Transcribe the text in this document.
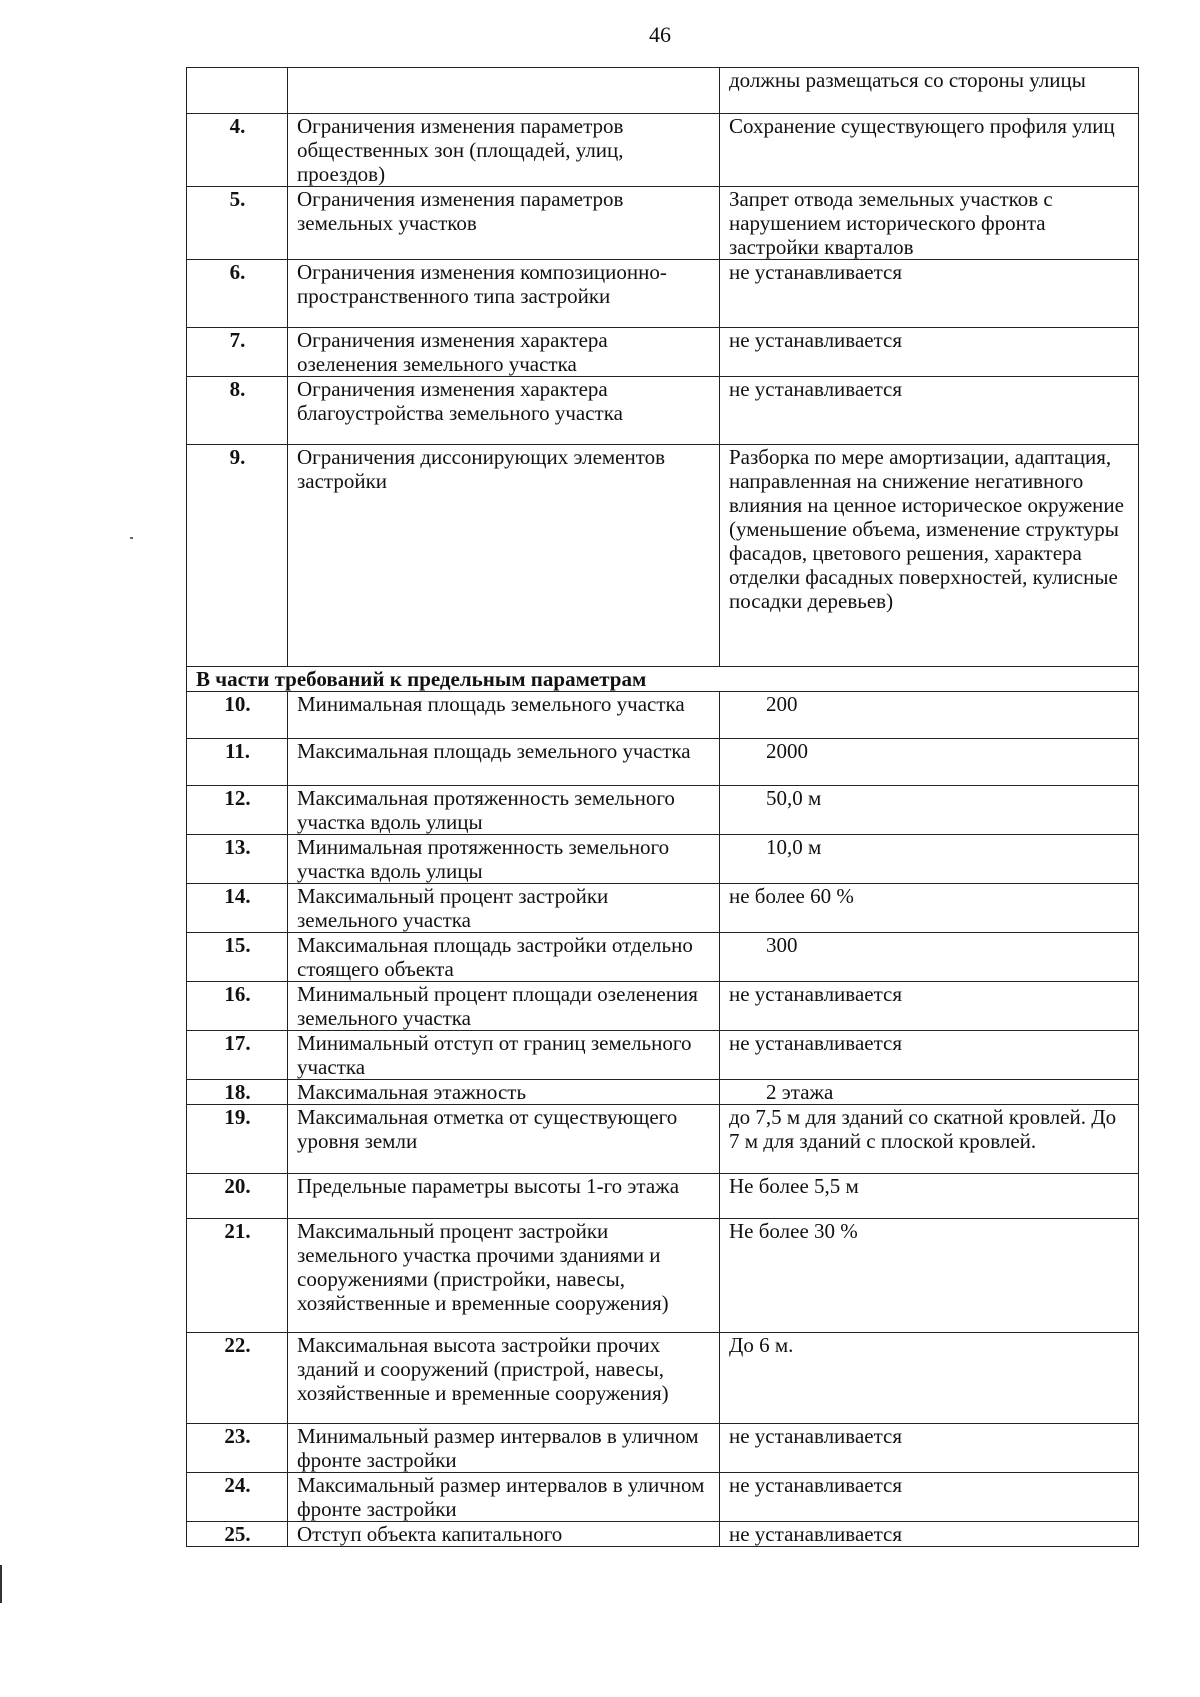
46
		должны размещаться со стороны улицы
4.	Ограничения изменения параметров общественных зон (площадей, улиц, проездов)	Сохранение существующего профиля улиц
5.	Ограничения изменения параметров земельных участков	Запрет отвода земельных участков с нарушением исторического фронта застройки кварталов
6.	Ограничения изменения композиционно-пространственного типа застройки	не устанавливается
7.	Ограничения изменения характера озеленения земельного участка	не устанавливается
8.	Ограничения изменения характера благоустройства земельного участка	не устанавливается
9.	Ограничения диссонирующих элементов застройки	Разборка по мере амортизации, адаптация, направленная на снижение негативного влияния на ценное историческое окружение (уменьшение объема, изменение структуры фасадов, цветового решения, характера отделки фасадных поверхностей, кулисные посадки деревьев)
В части требований к предельным параметрам		
10.	Минимальная площадь земельного участка	200
11.	Максимальная площадь земельного участка	2000
12.	Максимальная протяженность земельного участка вдоль улицы	50,0 м
13.	Минимальная протяженность земельного участка вдоль улицы	10,0 м
14.	Максимальный процент застройки земельного участка	не более 60 %
15.	Максимальная площадь застройки отдельно стоящего объекта	300
16.	Минимальный процент площади озеленения земельного участка	не устанавливается
17.	Минимальный отступ от границ земельного участка	не устанавливается
18.	Максимальная этажность	2 этажа
19.	Максимальная отметка от существующего уровня земли	до 7,5 м для зданий со скатной кровлей. До 7 м для зданий с плоской кровлей.
20.	Предельные параметры высоты 1-го этажа	Не более 5,5 м
21.	Максимальный процент застройки земельного участка прочими зданиями и сооружениями (пристройки, навесы, хозяйственные и временные сооружения)	Не более 30 %
22.	Максимальная высота застройки прочих зданий и сооружений (пристрой, навесы, хозяйственные и временные сооружения)	До 6 м.
23.	Минимальный размер интервалов в уличном фронте застройки	не устанавливается
24.	Максимальный размер интервалов в уличном фронте застройки	не устанавливается
25.	Отступ объекта капитального	не устанавливается
